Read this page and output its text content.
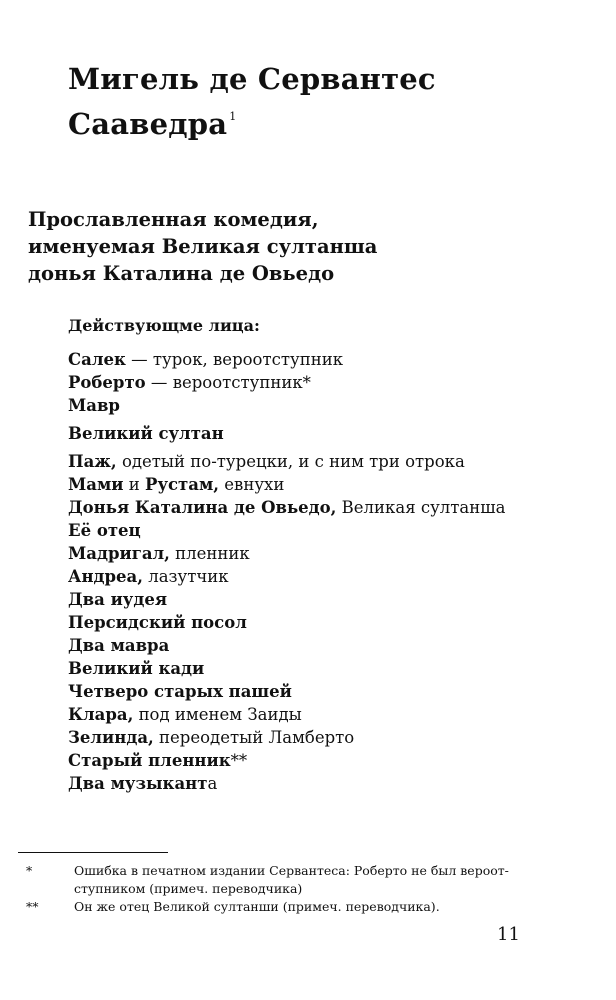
Мигель де Сервантес
Сааведра $^1$
Прославленная комедия,
именуемая Великая султанша
донья Каталина де Овьедо
Действующме лица:
Салек — турок, вероотступник
Роберто — вероотступник*
Мавр
Великий султан
Паж, одетый по-турецки, и с ним три отрока
Мами и Рустам, евнухи
Донья Каталина де Овьедо, Великая султанша
Её отец
Мадригал, пленник
Андреа, лазутчик
Два иудея
Персидский посол
Два мавра
Великий кади
Четверо старых пашей
Клара, под именем Заиды
Зелинда, переодетый Ламберто
Старый пленник**
Два музыканта
*	Ошибка в печатном издании Сервантеса: Роберто не был вероот-
ступником (примеч. переводчика)
**	Он же отец Великой султанши (примеч. переводчика).
11
